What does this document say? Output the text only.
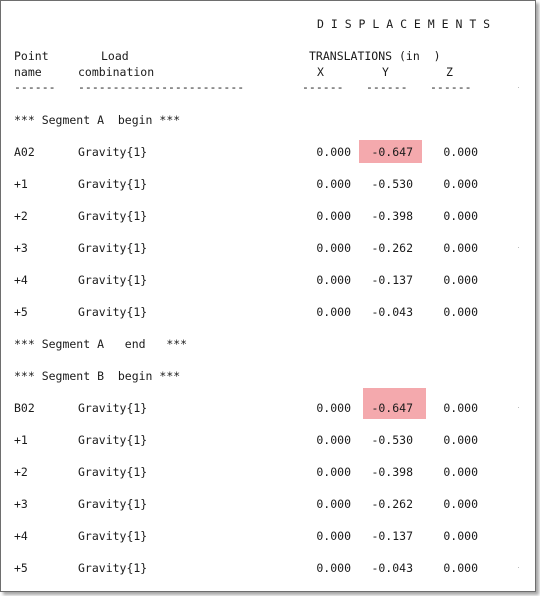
D I S P L A C E M E N T S
Point	Load	TRANSLATIONS (in  )
name	combination	X	Y	Z
------ ------------------------	------ ------ ------
*** Segment A  begin ***
A02	Gravity{1}	0.000	-0.647	0.000
+1	Gravity{1}	0.000	-0.530	0.000
+2	Gravity{1}	0.000	-0.398	0.000
+3	Gravity{1}	0.000	-0.262	0.000
+4	Gravity{1}	0.000	-0.137	0.000
+5	Gravity{1}	0.000	-0.043	0.000
*** Segment A   end   ***
*** Segment B  begin ***
B02	Gravity{1}	0.000	-0.647	0.000
+1	Gravity{1}	0.000	-0.530	0.000
+2	Gravity{1}	0.000	-0.398	0.000
+3	Gravity{1}	0.000	-0.262	0.000
+4	Gravity{1}	0.000	-0.137	0.000
+5	Gravity{1}	0.000	-0.043	0.000
